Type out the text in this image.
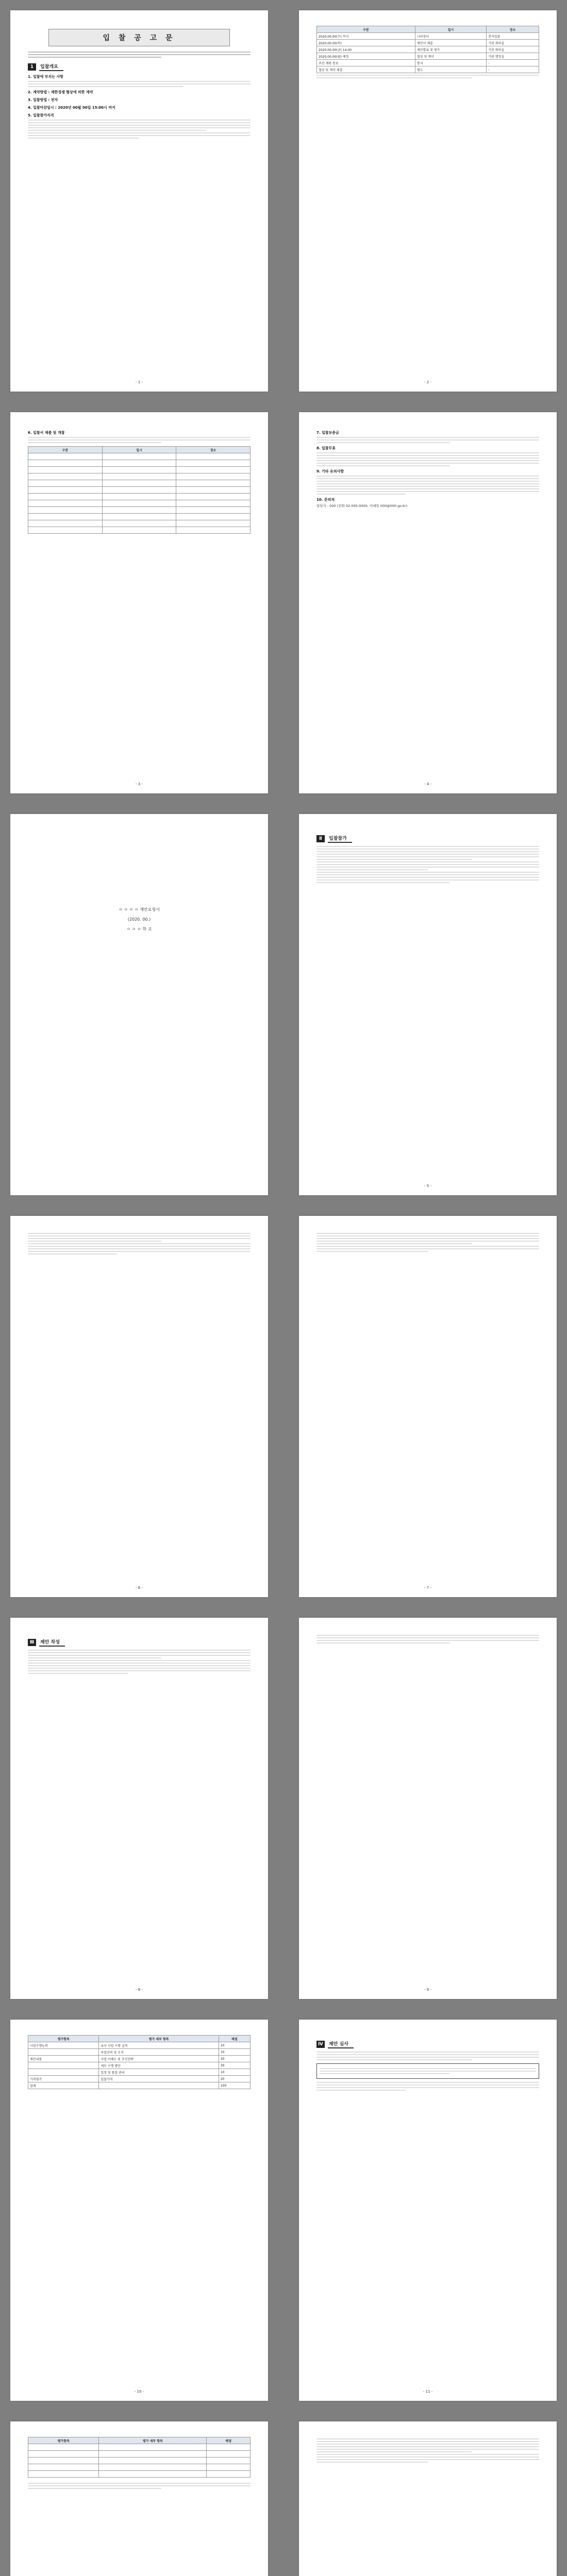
입 찰 공 고 문
1	입찰개요
1. 입찰에 부치는 사항
2. 계약방법 : 제한경쟁 협상에 의한 계약
3. 입찰방법 : 전자
4. 입찰마감일시 : 2020년 00월 00일 15:00시 까지
5. 입찰참가자격
- 1 -
구분	일시	장소
2020.00.00(수) 까지	나라장터	전자입찰
2020.00.00(목)	제안서 제출	기관 회의실
2020.00.00(금) 14:00	제안발표 및 평가	기관 회의실
2020.00.00(월) 예정	협상 및 계약	기관 행정실
추진 계획 통보	통지	-
협상 및 계약 체결	별도	-
- 2 -
6. 입찰서 제출 및 개찰
구분	일시	장소

- 3 -
7. 입찰보증금
8. 입찰무효
9. 기타 유의사항
10. 문의처
담당자 : 000 (전화 02-000-0000, 이메일 000@000.go.kr)
- 4 -
ㅇ ㅇ ㅇ ㅇ 제안요청서
(2020. 00.)
ㅇ ㅇ ㅇ 학 교
Ⅱ	입찰참가
- 5 -
- 6 -	- 7 -
Ⅲ	제안 작성
- 8 -	- 9 -
평가항목	평가 세부 항목	배점
사업수행능력	유사 사업 수행 실적	10
	투입인력 및 조직	10
제안내용	사업 이해도 및 추진전략	20
	세부 수행 방안	30
	일정 및 품질 관리	10
가격평가	입찰가격	20
합계		100
- 10 -
Ⅳ	제안 심사
- 11 -
평가항목	평가 세부 항목	배점
